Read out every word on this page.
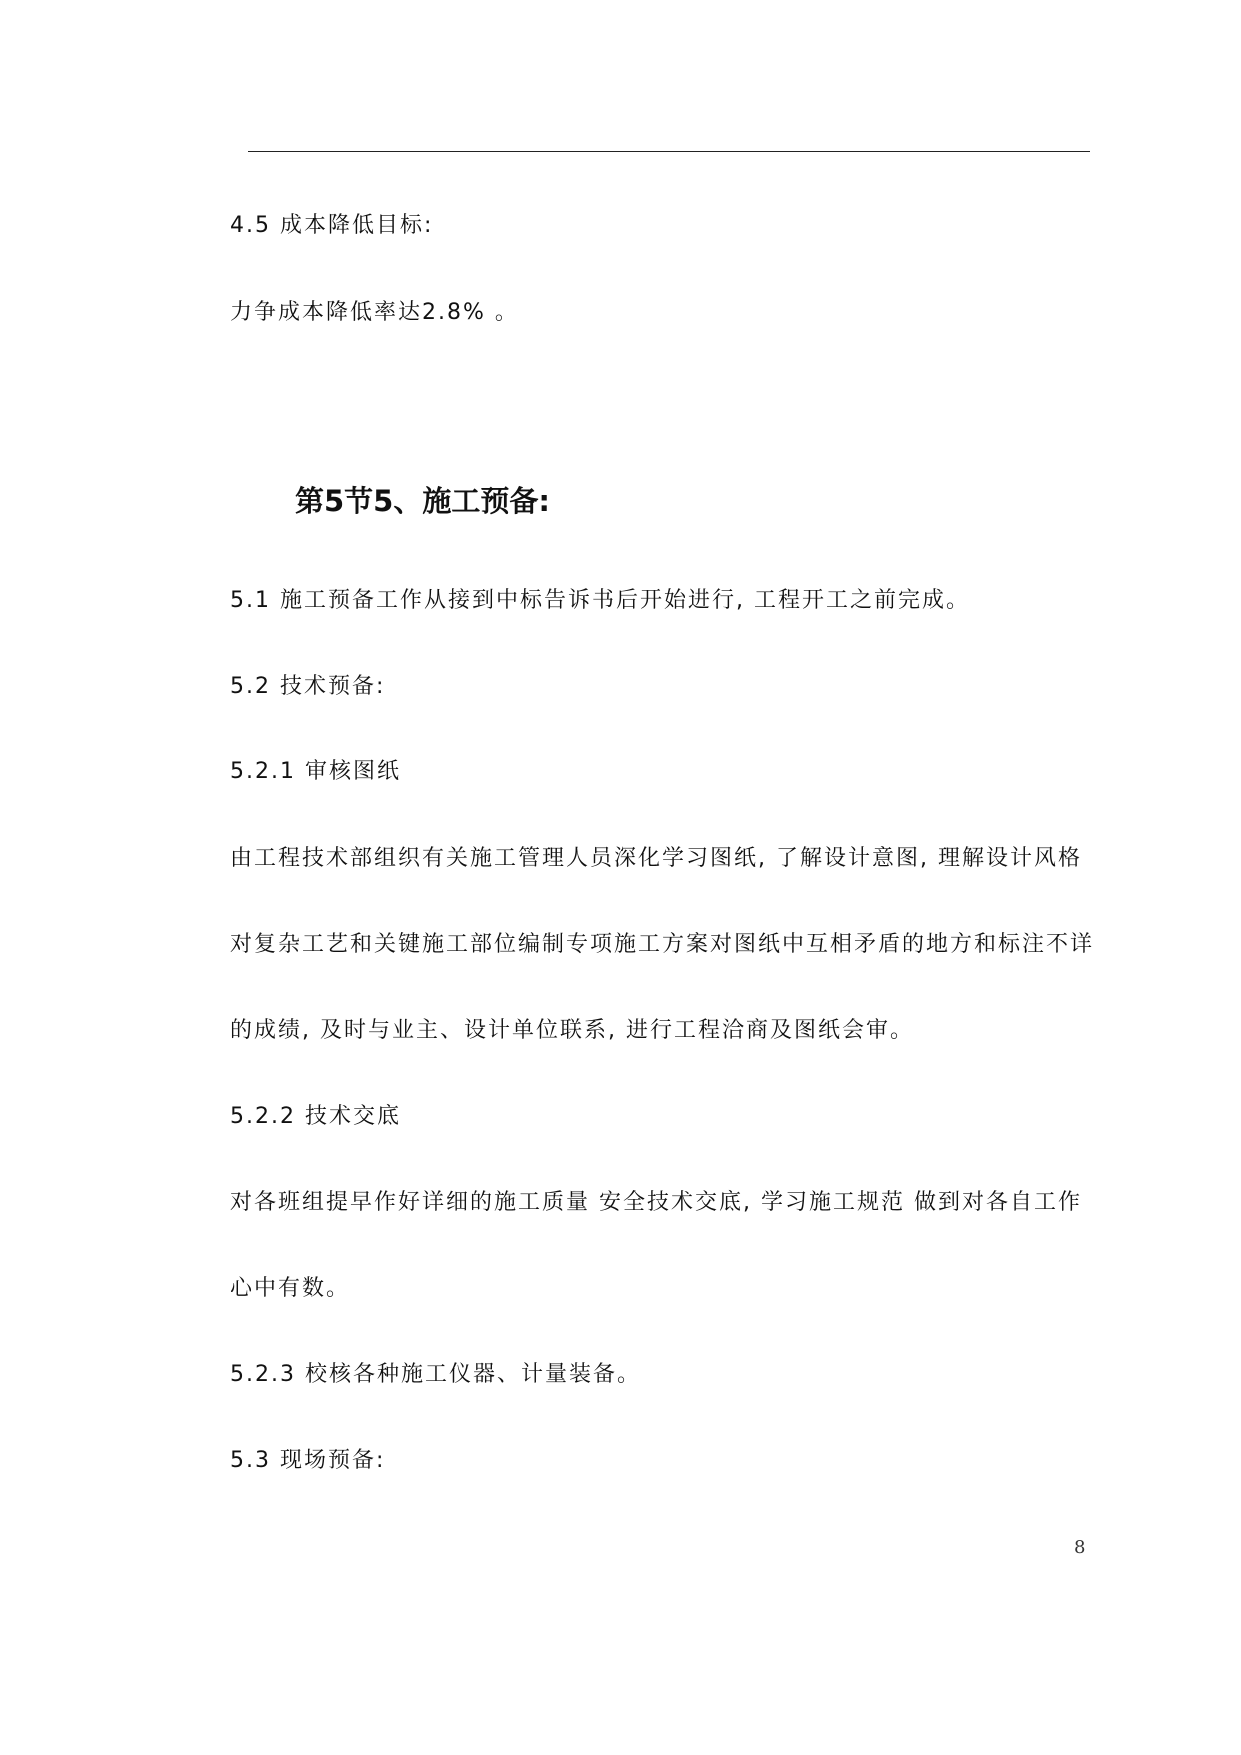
4.5 成本降低目标:
力争成本降低率达2.8% 。
第5节5、施工预备:
5.1 施工预备工作从接到中标告诉书后开始进行, 工程开工之前完成。
5.2 技术预备:
5.2.1 审核图纸
由工程技术部组织有关施工管理人员深化学习图纸, 了解设计意图, 理解设计风格
对复杂工艺和关键施工部位编制专项施工方案对图纸中互相矛盾的地方和标注不详
的成绩, 及时与业主、设计单位联系, 进行工程洽商及图纸会审。
5.2.2 技术交底
对各班组提早作好详细的施工质量 安全技术交底, 学习施工规范 做到对各自工作
心中有数。
5.2.3 校核各种施工仪器、计量装备。
5.3 现场预备:
8
